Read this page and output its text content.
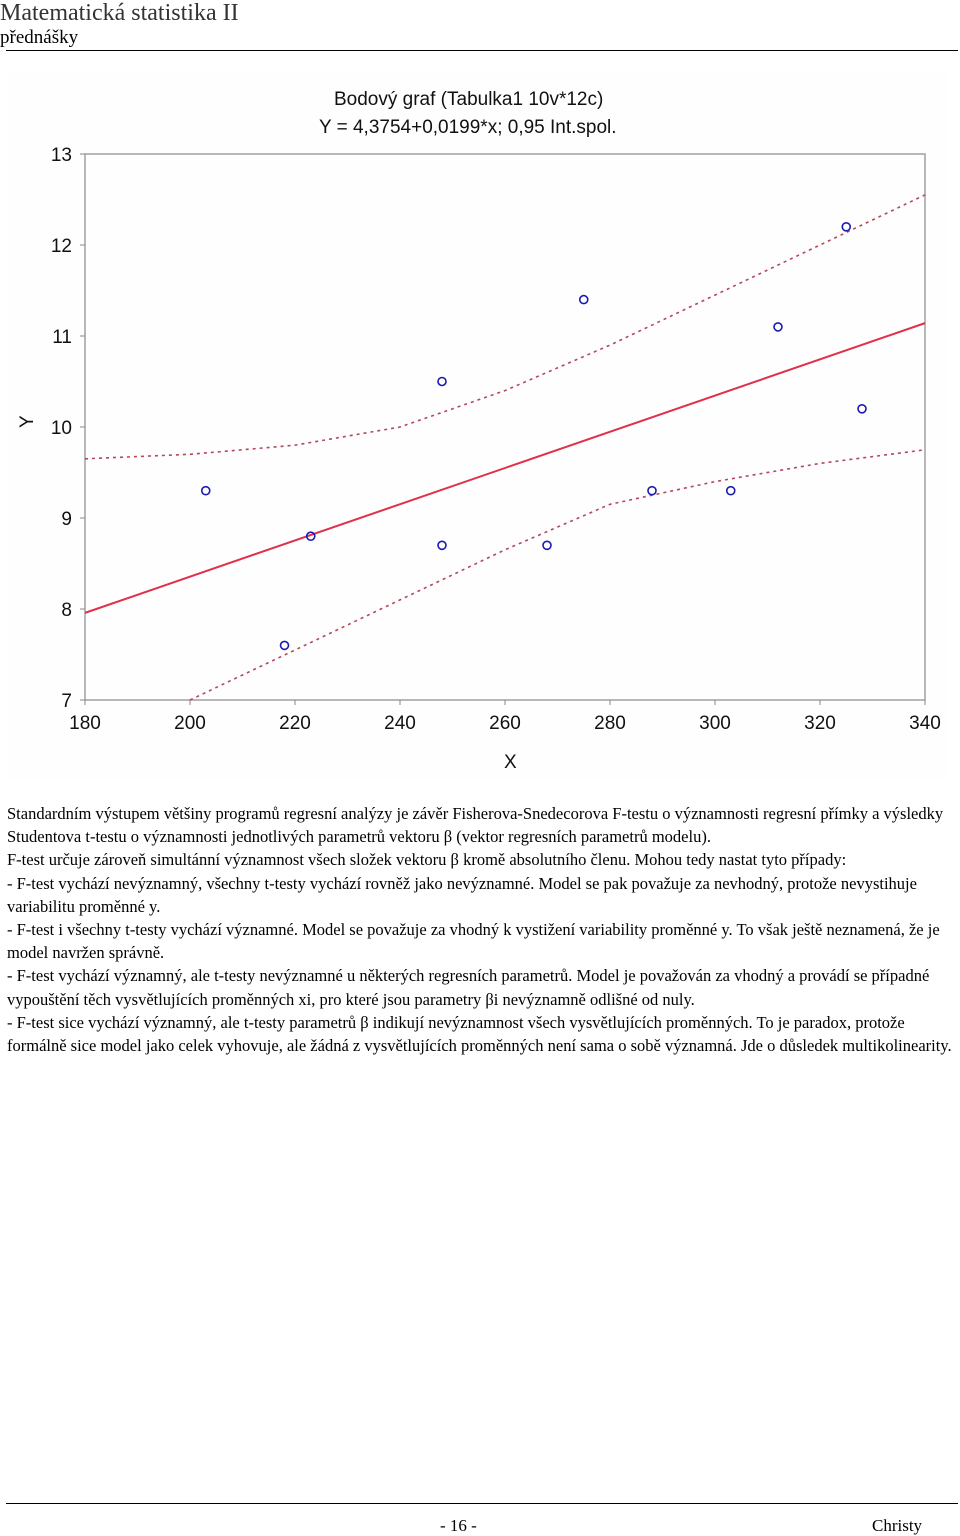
Matematická statistika II
přednášky
Bodový graf (Tabulka1 10v*12c)
Y = 4,3754+0,0199*x; 0,95 Int.spol.
180	200	220	240	260	280	300	320	340
7
8
9
10
11
12
13
X
Y

Standardním výstupem většiny programů regresní analýzy je závěr Fisherova-Snedecorova F-testu o významnosti regresní přímky a výsledky Studentova t-testu o významnosti jednotlivých parametrů vektoru β (vektor regresních parametrů modelu).

F-test určuje zároveň simultánní významnost všech složek vektoru β kromě absolutního členu. Mohou tedy nastat tyto případy:

- F-test vychází nevýznamný, všechny t-testy vychází rovněž jako nevýznamné. Model se pak považuje za nevhodný, protože nevystihuje variabilitu proměnné y.

- F-test i všechny t-testy vychází významné. Model se považuje za vhodný k vystižení variability proměnné y. To však ještě neznamená, že je model navržen správně.

- F-test vychází významný, ale t-testy nevýznamné u některých regresních parametrů. Model je považován za vhodný a provádí se případné vypouštění těch vysvětlujících proměnných xi, pro které jsou parametry βi nevýznamně odlišné od nuly.

- F-test sice vychází významný, ale t-testy parametrů β indikují nevýznamnost všech vysvětlujících proměnných. To je paradox, protože formálně sice model jako celek vyhovuje, ale žádná z vysvětlujících proměnných není sama o sobě významná. Jde o důsledek multikolinearity.

- 16 -	Christy
